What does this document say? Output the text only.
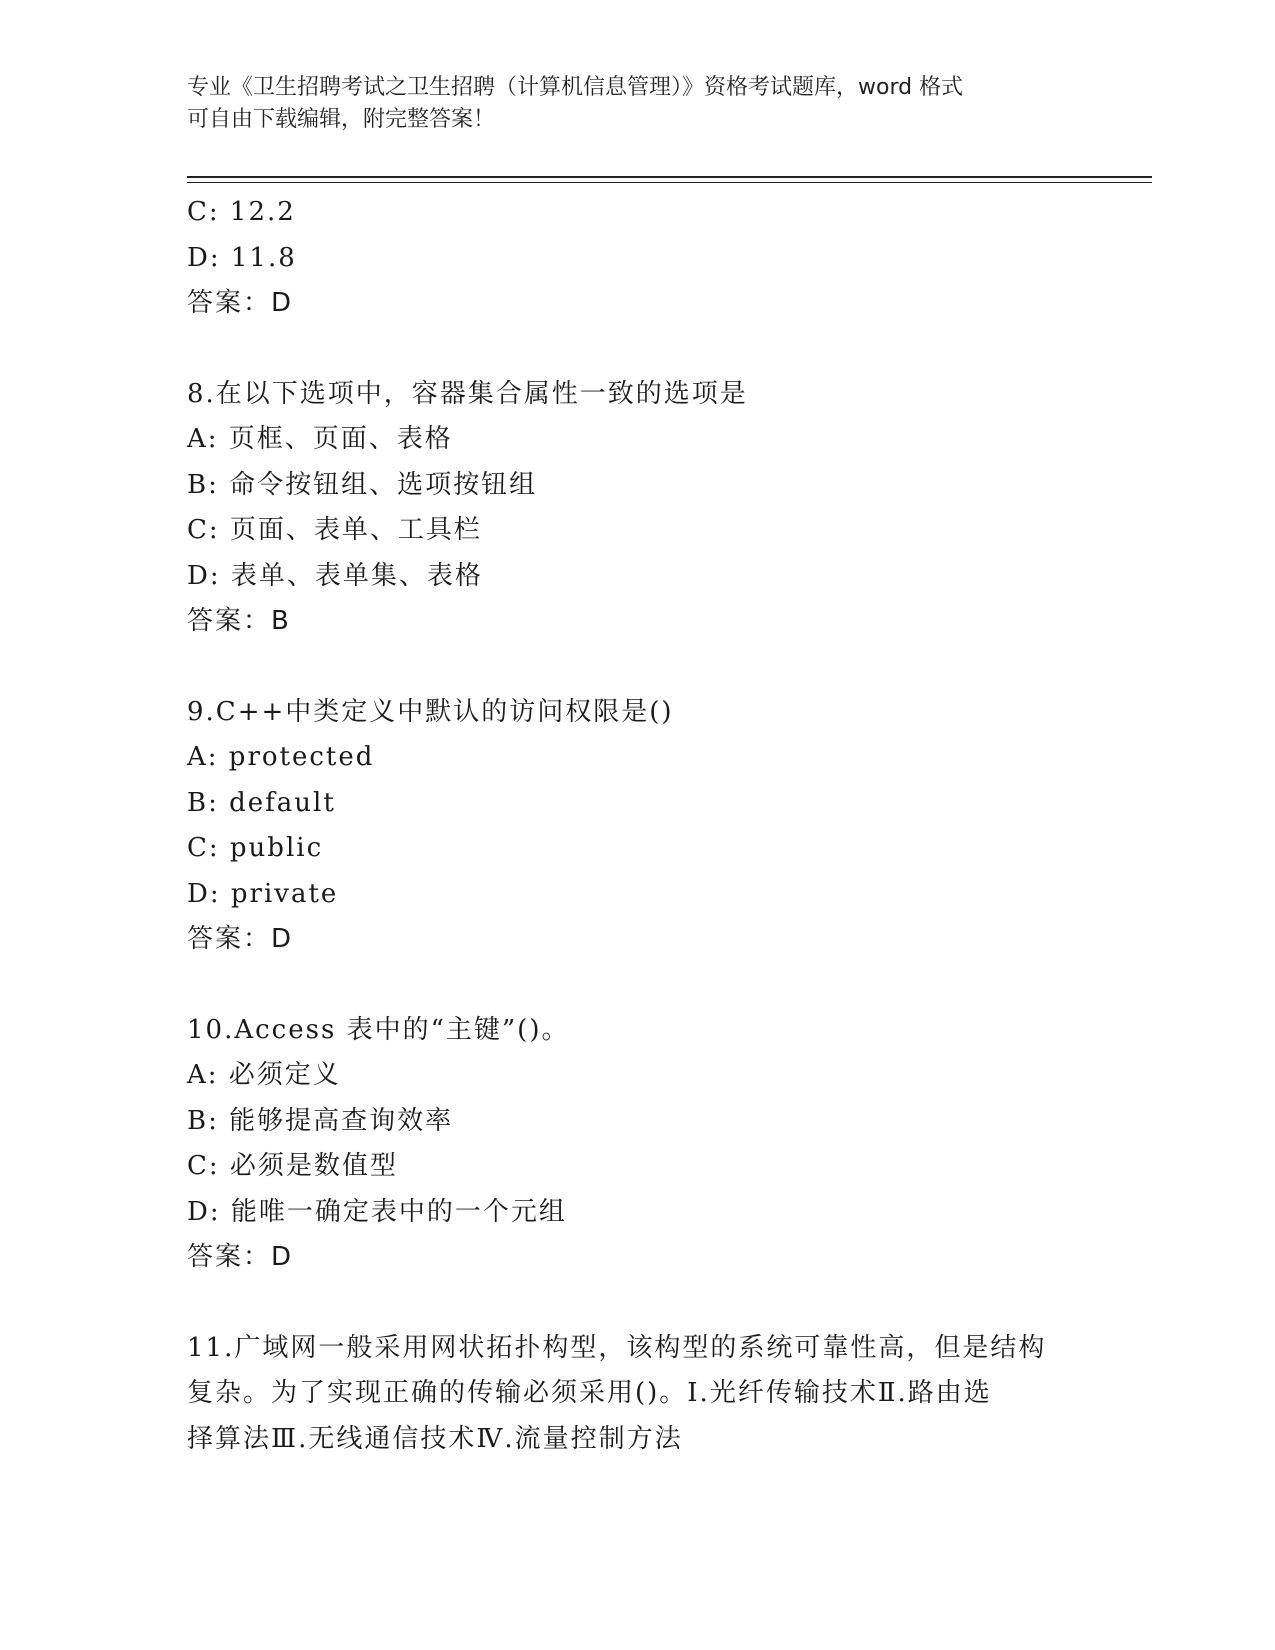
专业《卫生招聘考试之卫生招聘（计算机信息管理）》资格考试题库，word 格式
可自由下载编辑，附完整答案！
C: 12.2
D: 11.8
答案：D
8.在以下选项中，容器集合属性一致的选项是
A: 页框、页面、表格
B: 命令按钮组、选项按钮组
C: 页面、表单、工具栏
D: 表单、表单集、表格
答案：B
9.C++中类定义中默认的访问权限是()
A: protected
B: default
C: public
D: private
答案：D
10.Access 表中的“主键”()。
A: 必须定义
B: 能够提高查询效率
C: 必须是数值型
D: 能唯一确定表中的一个元组
答案：D
11.广域网一般采用网状拓扑构型，该构型的系统可靠性高，但是结构
复杂。为了实现正确的传输必须采用()。Ⅰ.光纤传输技术Ⅱ.路由选
择算法Ⅲ.无线通信技术Ⅳ.流量控制方法
